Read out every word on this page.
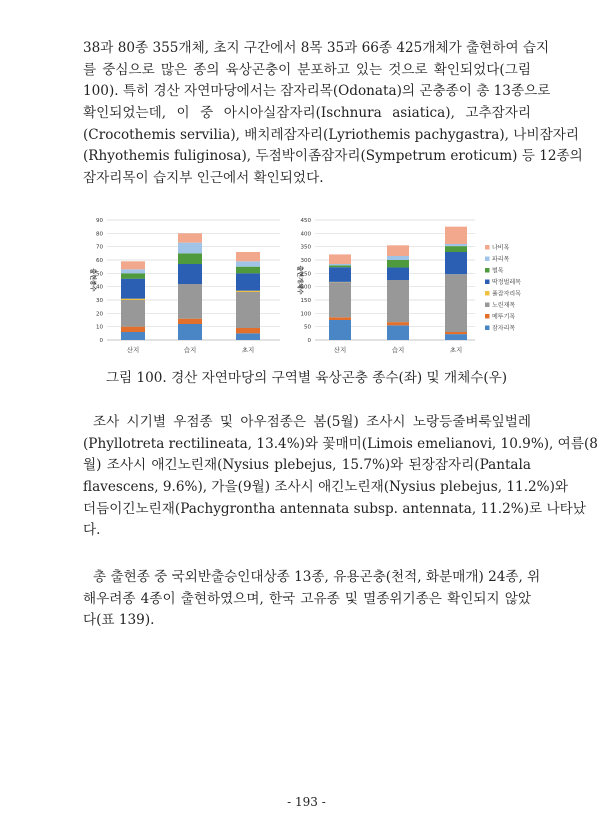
38과 80종 355개체, 초지 구간에서 8목 35과 66종 425개체가 출현하여 습지
를 중심으로 많은 종의 육상곤충이 분포하고 있는 것으로 확인되었다(그림
100). 특히 경산 자연마당에서는 잠자리목(Odonata)의 곤충종이 총 13종으로
확인되었는데, 이 중 아시아실잠자리(Ischnura asiatica), 고추잠자리
(Crocothemis servilia), 배치레잠자리(Lyriothemis pachygastra), 나비잠자리
(Rhyothemis fuliginosa), 두점박이좀잠자리(Sympetrum eroticum) 등 12종의
잠자리목이 습지부 인근에서 확인되었다.
0
10
20
30
40
50
60
70
80
90
출현종수
산지	습지	초지
0
50
100
150
200
250
300
350
400
450
출현개체수
산지	습지	초지
나비목
파리목
벌목
딱정벌레목
풀잠자리목
노린재목
메뚜기목
잠자리목
그림 100. 경산 자연마당의 구역별 육상곤충 종수(좌) 및 개체수(우)
조사 시기별 우점종 및 아우점종은 봄(5월) 조사시 노랑등줄벼룩잎벌레
(Phyllotreta rectilineata, 13.4%)와 꽃매미(Limois emelianovi, 10.9%), 여름(8
월) 조사시 애긴노린재(Nysius plebejus, 15.7%)와 된장잠자리(Pantala
flavescens, 9.6%), 가을(9월) 조사시 애긴노린재(Nysius plebejus, 11.2%)와
더듬이긴노린재(Pachygrontha antennata subsp. antennata, 11.2%)로 나타났
다.
총 출현종 중 국외반출승인대상종 13종, 유용곤충(천적, 화분매개) 24종, 위
해우려종 4종이 출현하였으며, 한국 고유종 및 멸종위기종은 확인되지 않았
다(표 139).
- 193 -
